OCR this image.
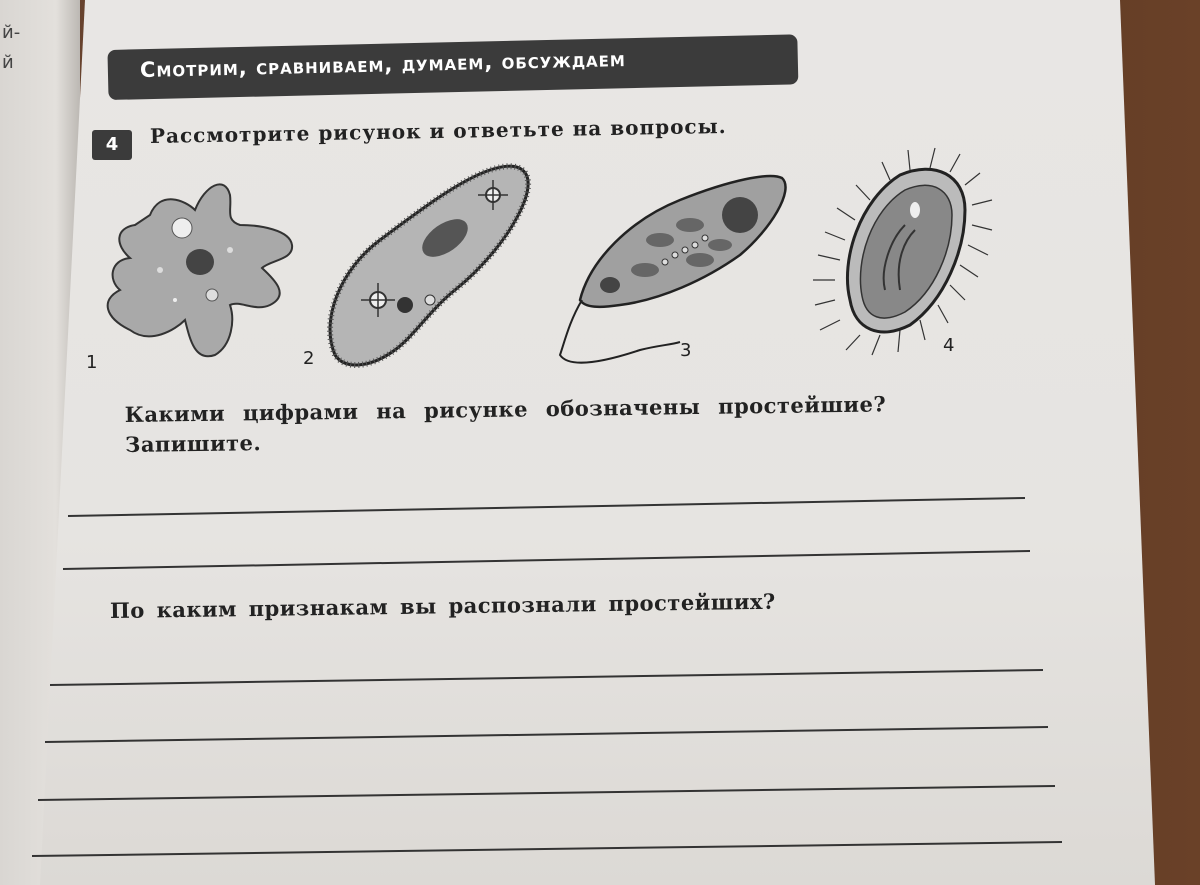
й-
й	Смотрим, сравниваем, думаем, обсуждаем
4	Рассмотрите рисунок и ответьте на вопросы.
1	2	3	4
Какими цифрами на рисунке обозначены простейшие? Запишите.
По каким признакам вы распознали простейших?
